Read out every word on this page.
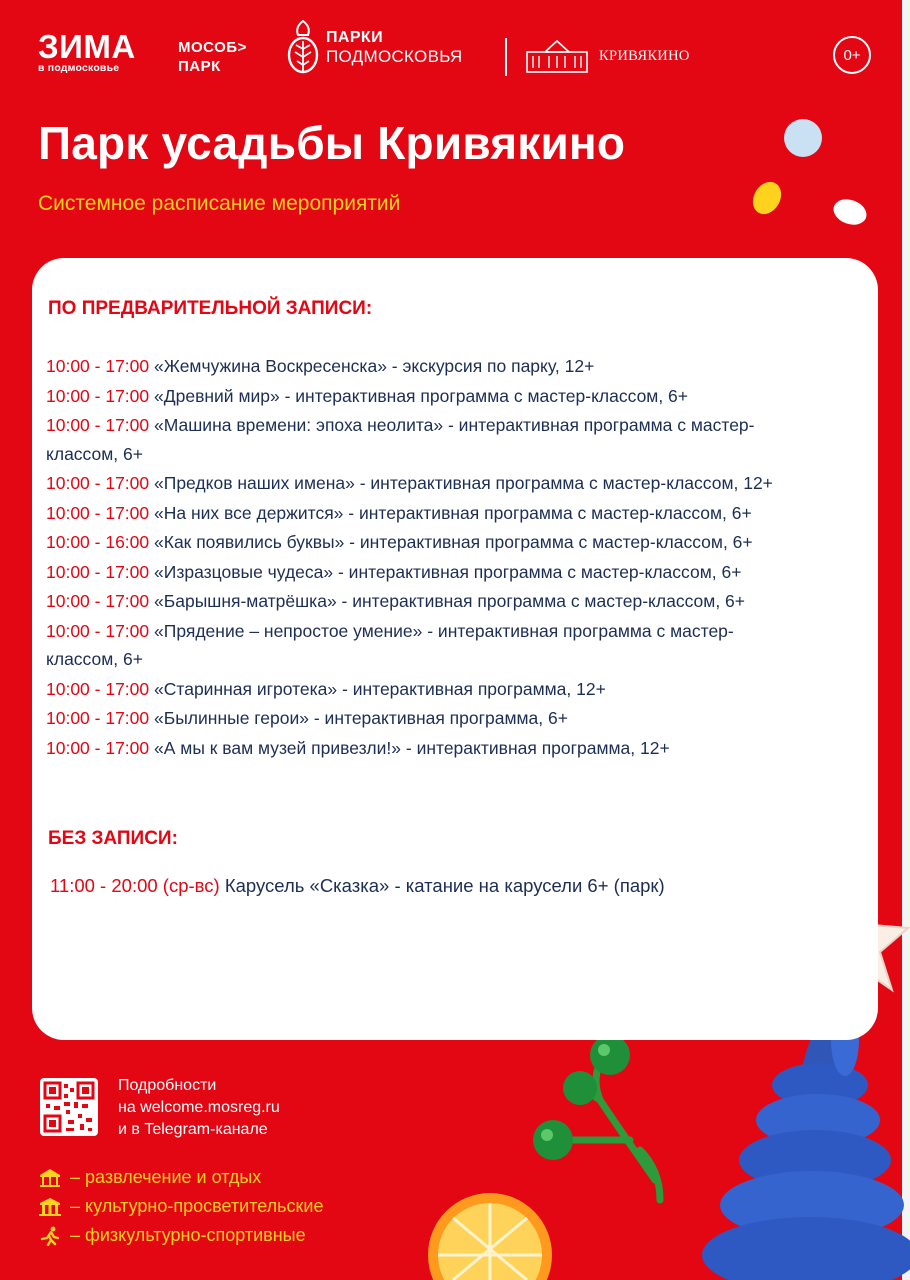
ЗИМА
в подмосковье
МОСОБ>
ПАРК
ПАРКИ
ПОДМОСКОВЬЯ	КРИВЯКИНО	0+
Парк усадьбы Кривякино
Системное расписание мероприятий
ПО ПРЕДВАРИТЕЛЬНОЙ ЗАПИСИ:
10:00 - 17:00 «Жемчужина Воскресенска» - экскурсия по парку, 12+
10:00 - 17:00 «Древний мир» - интерактивная программа с мастер-классом, 6+
10:00 - 17:00 «Машина времени: эпоха неолита» - интерактивная программа с мастер-классом, 6+
10:00 - 17:00 «Предков наших имена» - интерактивная программа с мастер-классом, 12+
10:00 - 17:00 «На них все держится» - интерактивная программа с мастер-классом, 6+
10:00 - 16:00 «Как появились буквы» - интерактивная программа с мастер-классом, 6+
10:00 - 17:00 «Изразцовые чудеса» - интерактивная программа с мастер-классом, 6+
10:00 - 17:00 «Барышня-матрёшка» - интерактивная программа с мастер-классом, 6+
10:00 - 17:00 «Прядение – непростое умение» - интерактивная программа с мастер-классом, 6+
10:00 - 17:00 «Старинная игротека» - интерактивная программа, 12+
10:00 - 17:00 «Былинные герои» - интерактивная программа, 6+
10:00 - 17:00 «А мы к вам музей привезли!» - интерактивная программа, 12+
БЕЗ ЗАПИСИ:
11:00 - 20:00 (ср-вс) Карусель «Сказка» - катание на карусели 6+ (парк)
Подробности
на welcome.mosreg.ru
и в Telegram-канале
– развлечение и отдых
– культурно-просветительские
– физкультурно-спортивные
